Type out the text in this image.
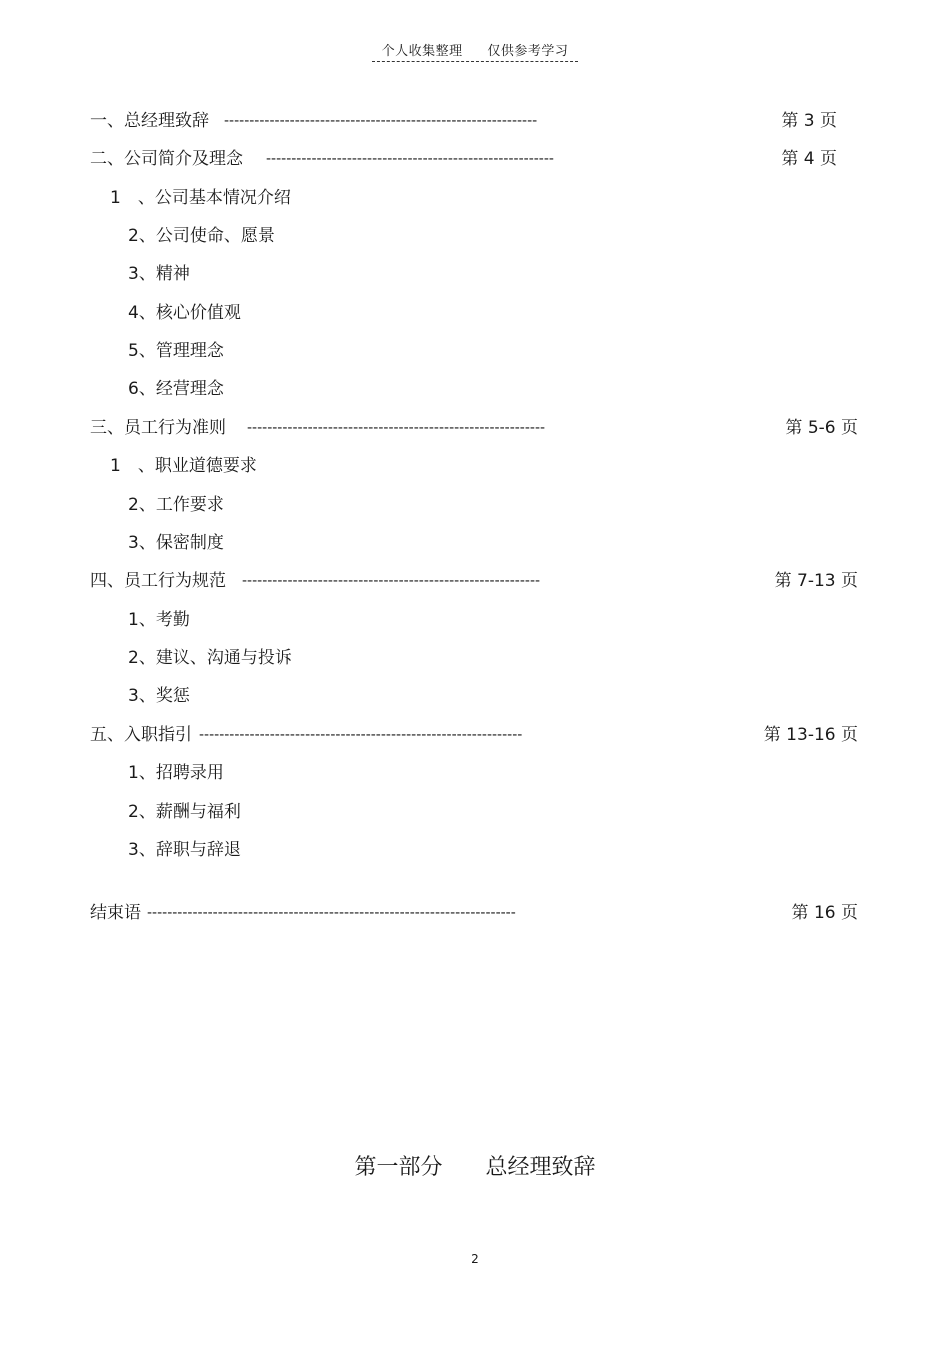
个人收集整理 仅供参考学习
一、总经理致辞 --------------------------------------------------------------	第 3 页
二、公司简介及理念 ---------------------------------------------------------	第 4 页
1　、公司基本情况介绍
2、公司使命、愿景
3、精神
4、核心价值观
5、管理理念
6、经营理念
三、员工行为准则 -----------------------------------------------------------	第 5-6 页
1　、职业道德要求
2、工作要求
3、保密制度
四、员工行为规范 -----------------------------------------------------------	第 7-13 页
1、考勤
2、建议、沟通与投诉
3、奖惩
五、入职指引 ----------------------------------------------------------------	第 13-16 页
1、招聘录用
2、薪酬与福利
3、辞职与辞退
结束语 -------------------------------------------------------------------------	第 16 页
第一部分 总经理致辞
2
